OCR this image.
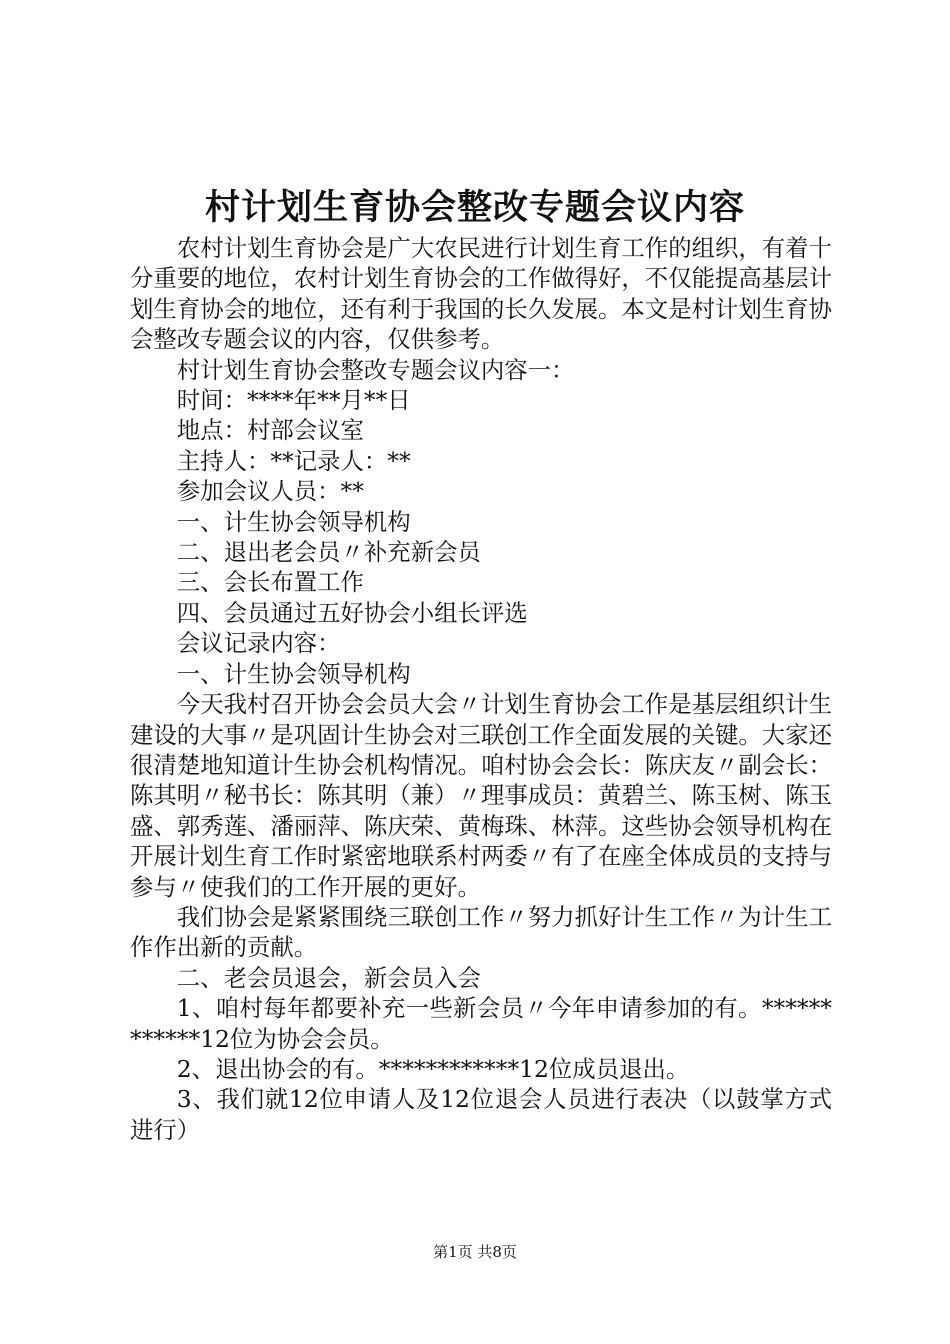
村计划生育协会整改专题会议内容

农村计划生育协会是广大农民进行计划生育工作的组织，有着十分重要的地位，农村计划生育协会的工作做得好，不仅能提高基层计划生育协会的地位，还有利于我国的长久发展。本文是村计划生育协会整改专题会议的内容，仅供参考。

村计划生育协会整改专题会议内容一：

时间：****年**月**日

地点：村部会议室

主持人：**记录人：**

参加会议人员：**

一、计生协会领导机构

二、退出老会员〃补充新会员

三、会长布置工作

四、会员通过五好协会小组长评选

会议记录内容：

一、计生协会领导机构

今天我村召开协会会员大会〃计划生育协会工作是基层组织计生建设的大事〃是巩固计生协会对三联创工作全面发展的关键。大家还很清楚地知道计生协会机构情况。咱村协会会长：陈庆友〃副会长：陈其明〃秘书长：陈其明（兼）〃理事成员：黄碧兰、陈玉树、陈玉盛、郭秀莲、潘丽萍、陈庆荣、黄梅珠、林萍。这些协会领导机构在开展计划生育工作时紧密地联系村两委〃有了在座全体成员的支持与参与〃使我们的工作开展的更好。

我们协会是紧紧围绕三联创工作〃努力抓好计生工作〃为计生工作作出新的贡献。

二、老会员退会，新会员入会

1、咱村每年都要补充一些新会员〃今年申请参加的有。************12位为协会会员。

2、退出协会的有。************12位成员退出。

3、我们就12位申请人及12位退会人员进行表决（以鼓掌方式进行）

第1页 共8页
